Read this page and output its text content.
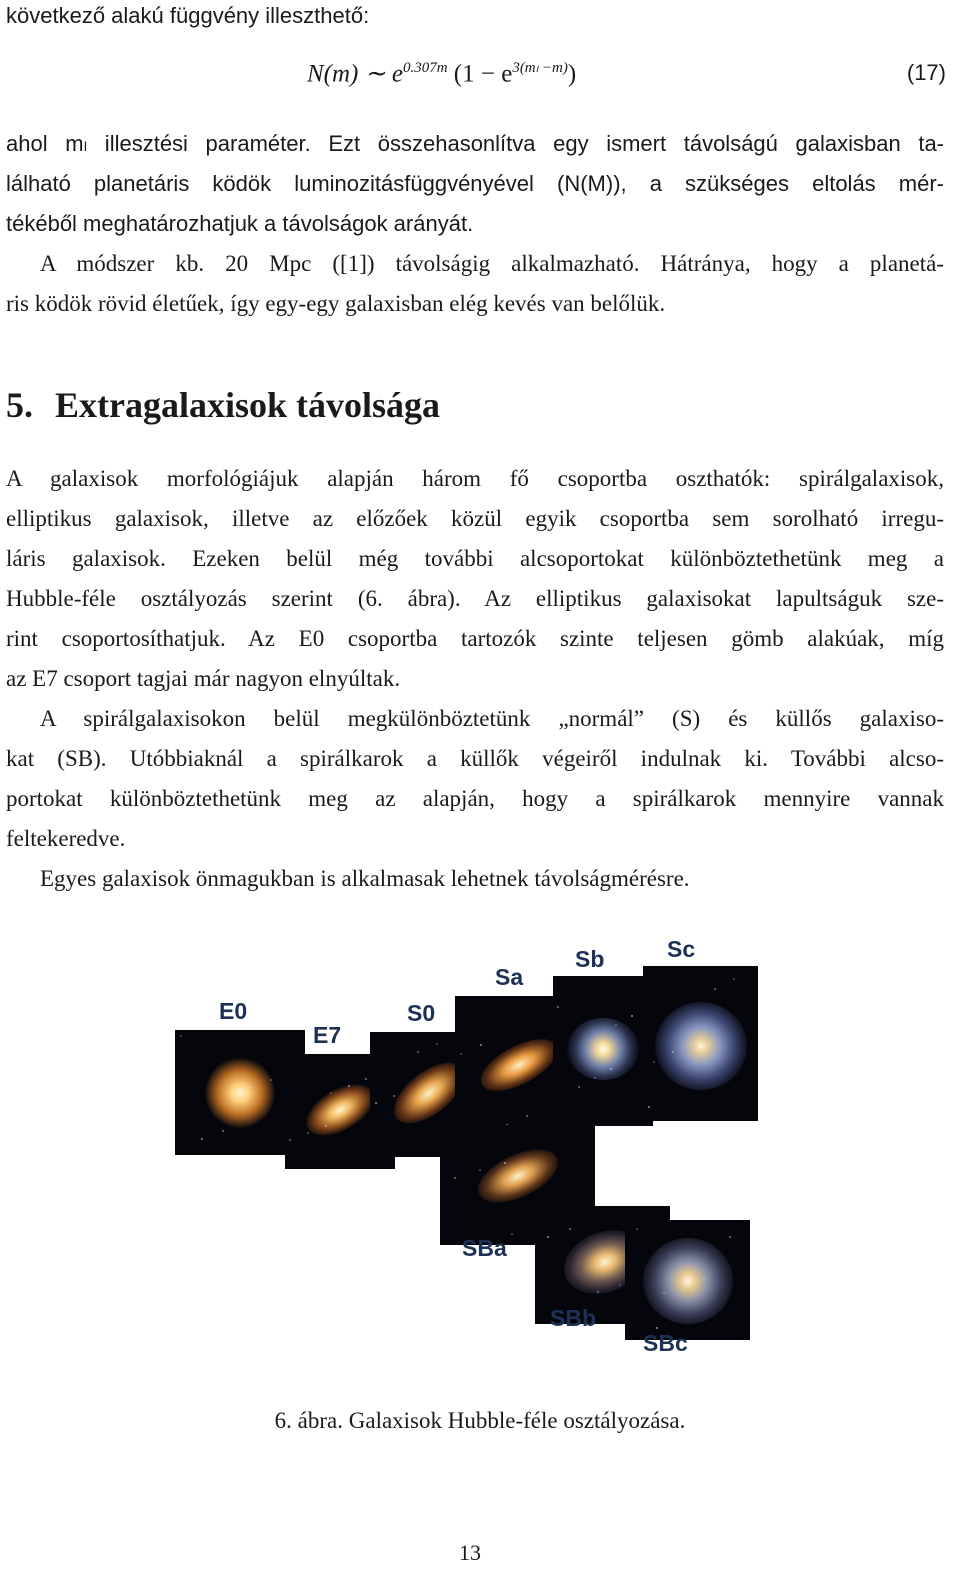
következő alakú függvény illeszthető:
N(m) ∼ $e^{0.307m}$ $(1 - e^{3(m_l -m)})$	(17)
ahol mₗ illesztési paraméter. Ezt összehasonlítva egy ismert távolságú galaxisban ta-
lálható planetáris ködök luminozitásfüggvényével (N(M)), a szükséges eltolás mér-
tékéből meghatározhatjuk a távolságok arányát.
A módszer kb. 20 Mpc ([1]) távolságig alkalmazható. Hátránya, hogy a planetá-
ris ködök rövid életűek, így egy-egy galaxisban elég kevés van belőlük.
5. Extragalaxisok távolsága
A galaxisok morfológiájuk alapján három fő csoportba oszthatók: spirálgalaxisok,
elliptikus galaxisok, illetve az előzőek közül egyik csoportba sem sorolható irregu-
láris galaxisok. Ezeken belül még további alcsoportokat különböztethetünk meg a
Hubble-féle osztályozás szerint (6. ábra). Az elliptikus galaxisokat lapultságuk sze-
rint csoportosíthatjuk. Az E0 csoportba tartozók szinte teljesen gömb alakúak, míg
az E7 csoport tagjai már nagyon elnyúltak.
A spirálgalaxisokon belül megkülönböztetünk „normál” (S) és küllős galaxiso-
kat (SB). Utóbbiaknál a spirálkarok a küllők végeiről indulnak ki. További alcso-
portokat különböztethetünk meg az alapján, hogy a spirálkarok mennyire vannak
feltekeredve.
Egyes galaxisok önmagukban is alkalmasak lehetnek távolságmérésre.
E0
E7
S0
Sa
Sb	Sc
SBa
SBb
SBc
6. ábra. Galaxisok Hubble-féle osztályozása.
13
